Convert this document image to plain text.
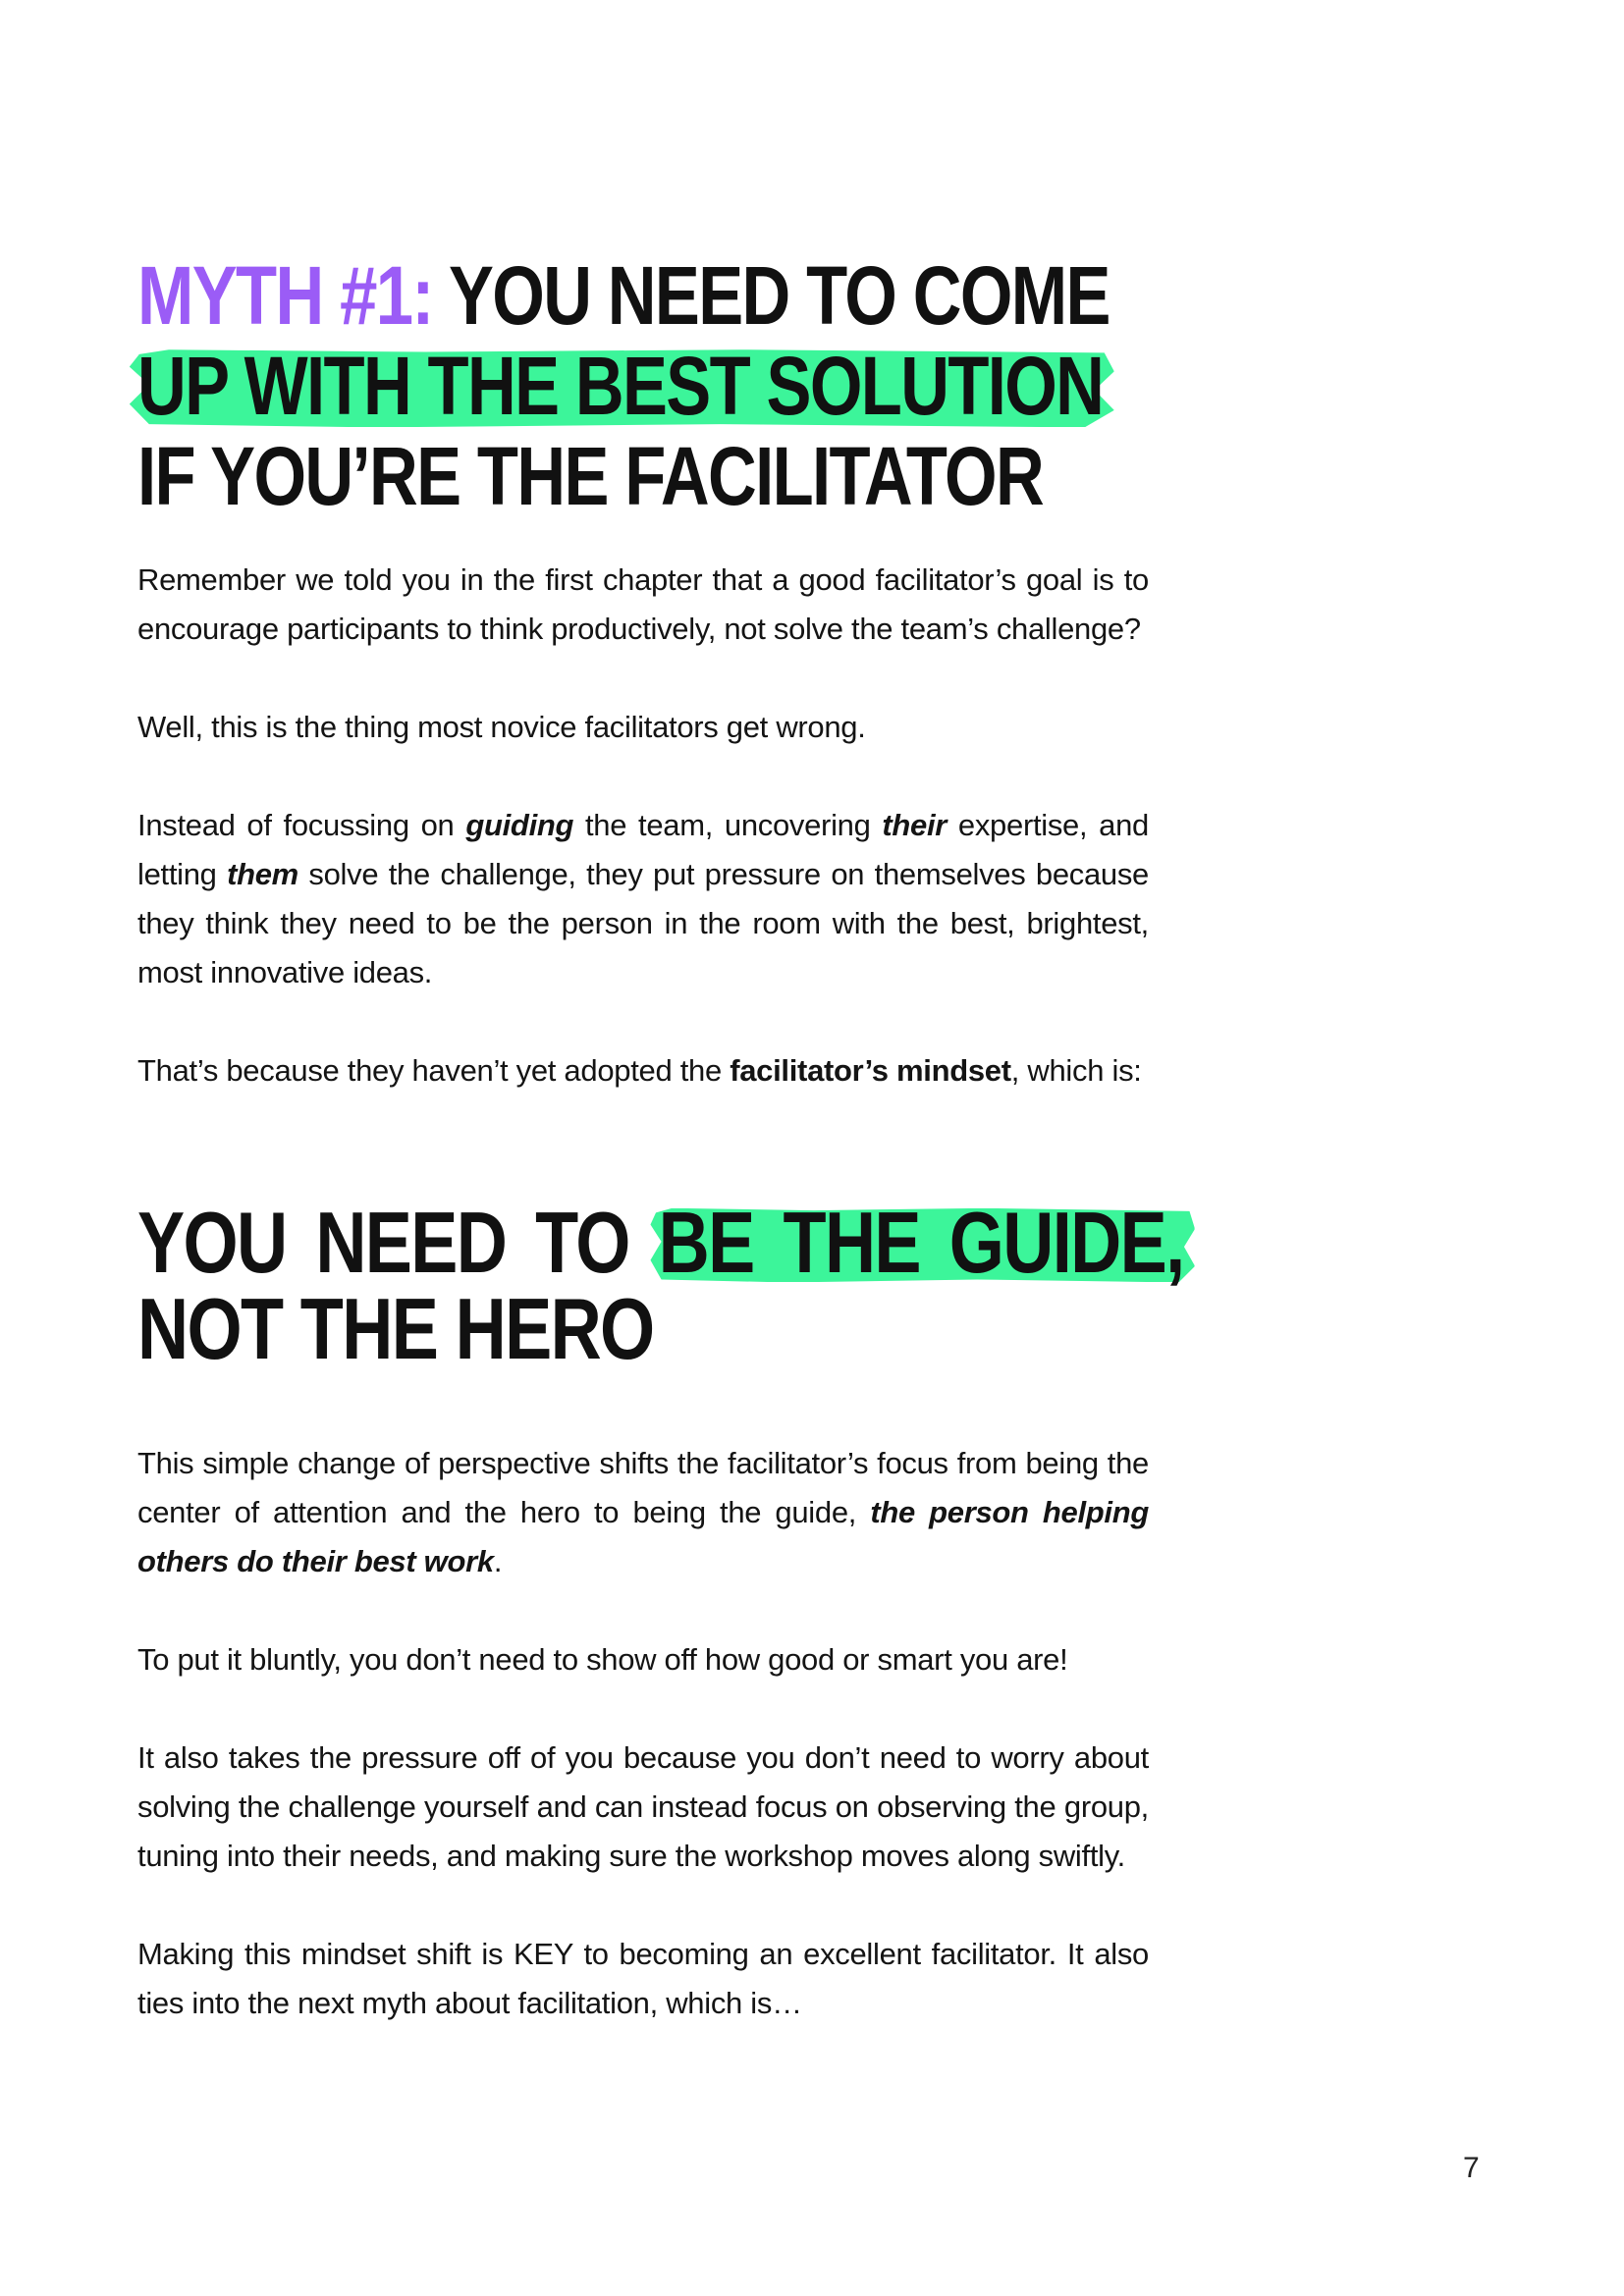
MYTH #1: YOU NEED TO COME
UP WITH THE BEST SOLUTION
IF YOU’RE THE FACILITATOR

Remember we told you in the first chapter that a good facilitator’s goal is to encourage participants to think productively, not solve the team’s challenge?

Well, this is the thing most novice facilitators get wrong.

Instead of focussing on guiding the team, uncovering their expertise, and letting them solve the challenge, they put pressure on themselves because they think they need to be the person in the room with the best, brightest, most innovative ideas.

That’s because they haven’t yet adopted the facilitator’s mindset, which is:

YOU NEED TO BE THE GUIDE,
NOT THE HERO

This simple change of perspective shifts the facilitator’s focus from being the center of attention and the hero to being the guide, the person helping others do their best work.

To put it bluntly, you don’t need to show off how good or smart you are!

It also takes the pressure off of you because you don’t need to worry about solving the challenge yourself and can instead focus on observing the group, tuning into their needs, and making sure the workshop moves along swiftly.

Making this mindset shift is KEY to becoming an excellent facilitator. It also ties into the next myth about facilitation, which is…

7
